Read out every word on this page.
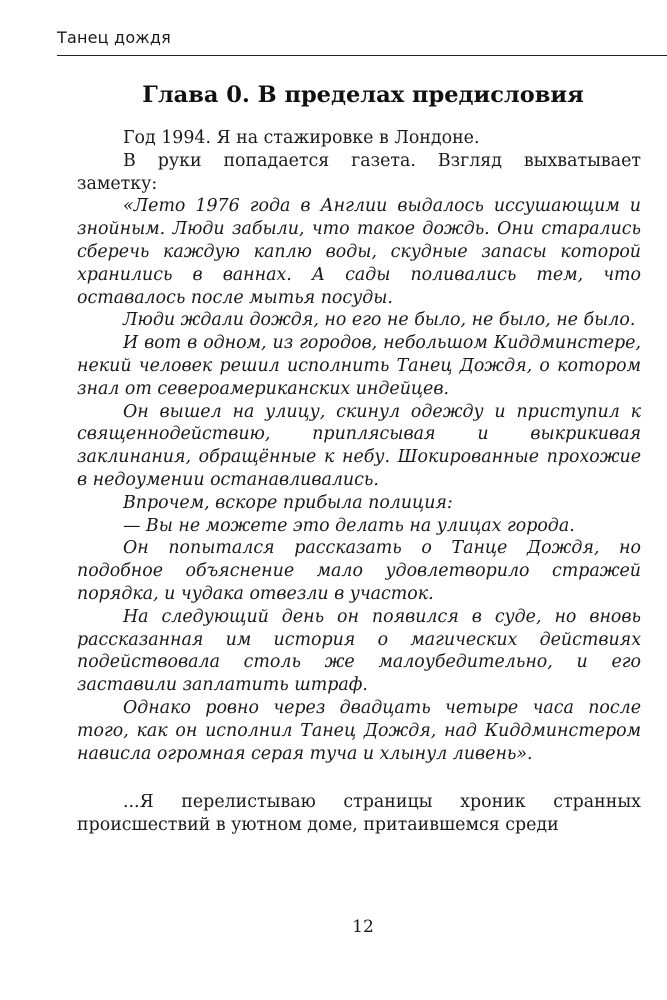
Танец дождя
Глава 0. В пределах предисловия

Год 1994. Я на стажировке в Лондоне.

В руки попадается газета. Взгляд выхватывает заметку:

«Лето 1976 года в Англии выдалось иссушающим и знойным. Люди забыли, что такое дождь. Они старались сберечь каждую каплю воды, скудные запасы которой хранились в ваннах. А сады поливались тем, что оставалось после мытья посуды.

Люди ждали дождя, но его не было, не было, не было.

И вот в одном, из городов, небольшом Киддминстере, некий человек решил исполнить Танец Дождя, о котором знал от североамериканских индейцев.

Он вышел на улицу, скинул одежду и приступил к священнодействию, приплясывая и выкрикивая заклинания, обращённые к небу. Шокированные прохожие в недоумении останавливались.

Впрочем, вскоре прибыла полиция:

— Вы не можете это делать на улицах города.

Он попытался рассказать о Танце Дождя, но подобное объяснение мало удовлетворило стражей порядка, и чудака отвезли в участок.

На следующий день он появился в суде, но вновь рассказанная им история о магических действиях подействовала столь же малоубедительно, и его заставили заплатить штраф.

Однако ровно через двадцать четыре часа после того, как он исполнил Танец Дождя, над Киддминстером нависла огромная серая туча и хлынул ливень».

...Я перелистываю страницы хроник странных происшествий в уютном доме, притаившемся среди

12
